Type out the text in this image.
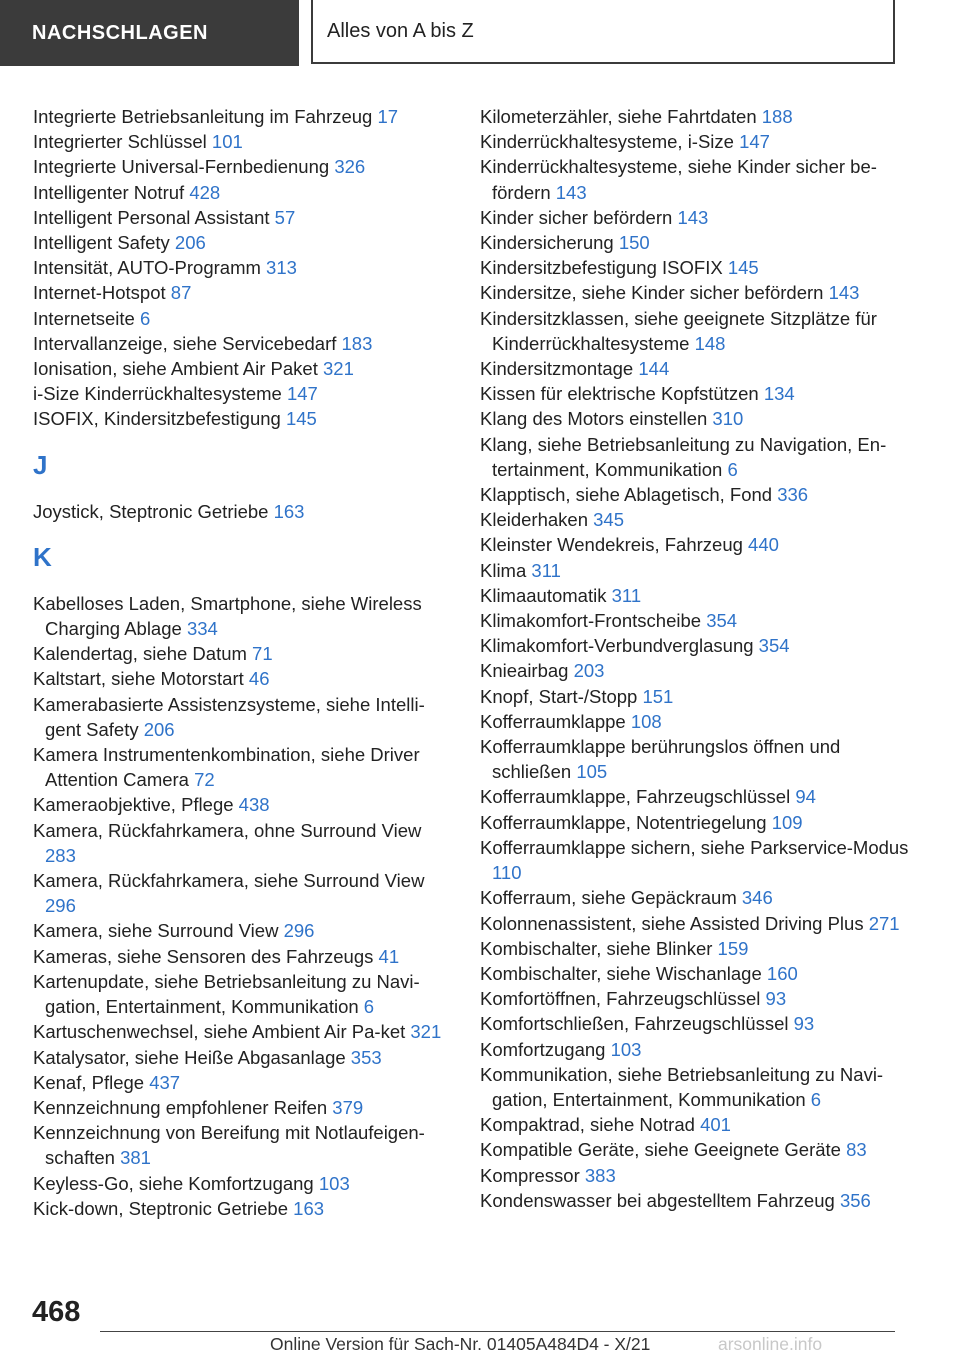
NACHSCHLAGEN	Alles von A bis Z
Integrierte Betriebsanleitung im Fahrzeug 17
Integrierter Schlüssel 101
Integrierte Universal-Fernbedienung 326
Intelligenter Notruf 428
Intelligent Personal Assistant 57
Intelligent Safety 206
Intensität, AUTO-Programm 313
Internet-Hotspot 87
Internetseite 6
Intervallanzeige, siehe Servicebedarf 183
Ionisation, siehe Ambient Air Paket 321
i-Size Kinderrückhaltesysteme 147
ISOFIX, Kindersitzbefestigung 145
J
Joystick, Steptronic Getriebe 163
K
Kabelloses Laden, Smartphone, siehe Wireless Charging Ablage 334
Kalendertag, siehe Datum 71
Kaltstart, siehe Motorstart 46
Kamerabasierte Assistenzsysteme, siehe Intelli-gent Safety 206
Kamera Instrumentenkombination, siehe Driver Attention Camera 72
Kameraobjektive, Pflege 438
Kamera, Rückfahrkamera, ohne Surround View 283
Kamera, Rückfahrkamera, siehe Surround View 296
Kamera, siehe Surround View 296
Kameras, siehe Sensoren des Fahrzeugs 41
Kartenupdate, siehe Betriebsanleitung zu Navi-gation, Entertainment, Kommunikation 6
Kartuschenwechsel, siehe Ambient Air Pa-ket 321
Katalysator, siehe Heiße Abgasanlage 353
Kenaf, Pflege 437
Kennzeichnung empfohlener Reifen 379
Kennzeichnung von Bereifung mit Notlaufeigen-schaften 381
Keyless-Go, siehe Komfortzugang 103
Kick-down, Steptronic Getriebe 163
Kilometerzähler, siehe Fahrtdaten 188
Kinderrückhaltesysteme, i-Size 147
Kinderrückhaltesysteme, siehe Kinder sicher be-fördern 143
Kinder sicher befördern 143
Kindersicherung 150
Kindersitzbefestigung ISOFIX 145
Kindersitze, siehe Kinder sicher befördern 143
Kindersitzklassen, siehe geeignete Sitzplätze für Kinderrückhaltesysteme 148
Kindersitzmontage 144
Kissen für elektrische Kopfstützen 134
Klang des Motors einstellen 310
Klang, siehe Betriebsanleitung zu Navigation, En-tertainment, Kommunikation 6
Klapptisch, siehe Ablagetisch, Fond 336
Kleiderhaken 345
Kleinster Wendekreis, Fahrzeug 440
Klima 311
Klimaautomatik 311
Klimakomfort-Frontscheibe 354
Klimakomfort-Verbundverglasung 354
Knieairbag 203
Knopf, Start-/Stopp 151
Kofferraumklappe 108
Kofferraumklappe berührungslos öffnen und schließen 105
Kofferraumklappe, Fahrzeugschlüssel 94
Kofferraumklappe, Notentriegelung 109
Kofferraumklappe sichern, siehe Parkservice-Modus 110
Kofferraum, siehe Gepäckraum 346
Kolonnenassistent, siehe Assisted Driving Plus 271
Kombischalter, siehe Blinker 159
Kombischalter, siehe Wischanlage 160
Komfortöffnen, Fahrzeugschlüssel 93
Komfortschließen, Fahrzeugschlüssel 93
Komfortzugang 103
Kommunikation, siehe Betriebsanleitung zu Navi-gation, Entertainment, Kommunikation 6
Kompaktrad, siehe Notrad 401
Kompatible Geräte, siehe Geeignete Geräte 83
Kompressor 383
Kondenswasser bei abgestelltem Fahrzeug 356
468
Online Version für Sach-Nr. 01405A484D4 - X/21	arsonline.info
